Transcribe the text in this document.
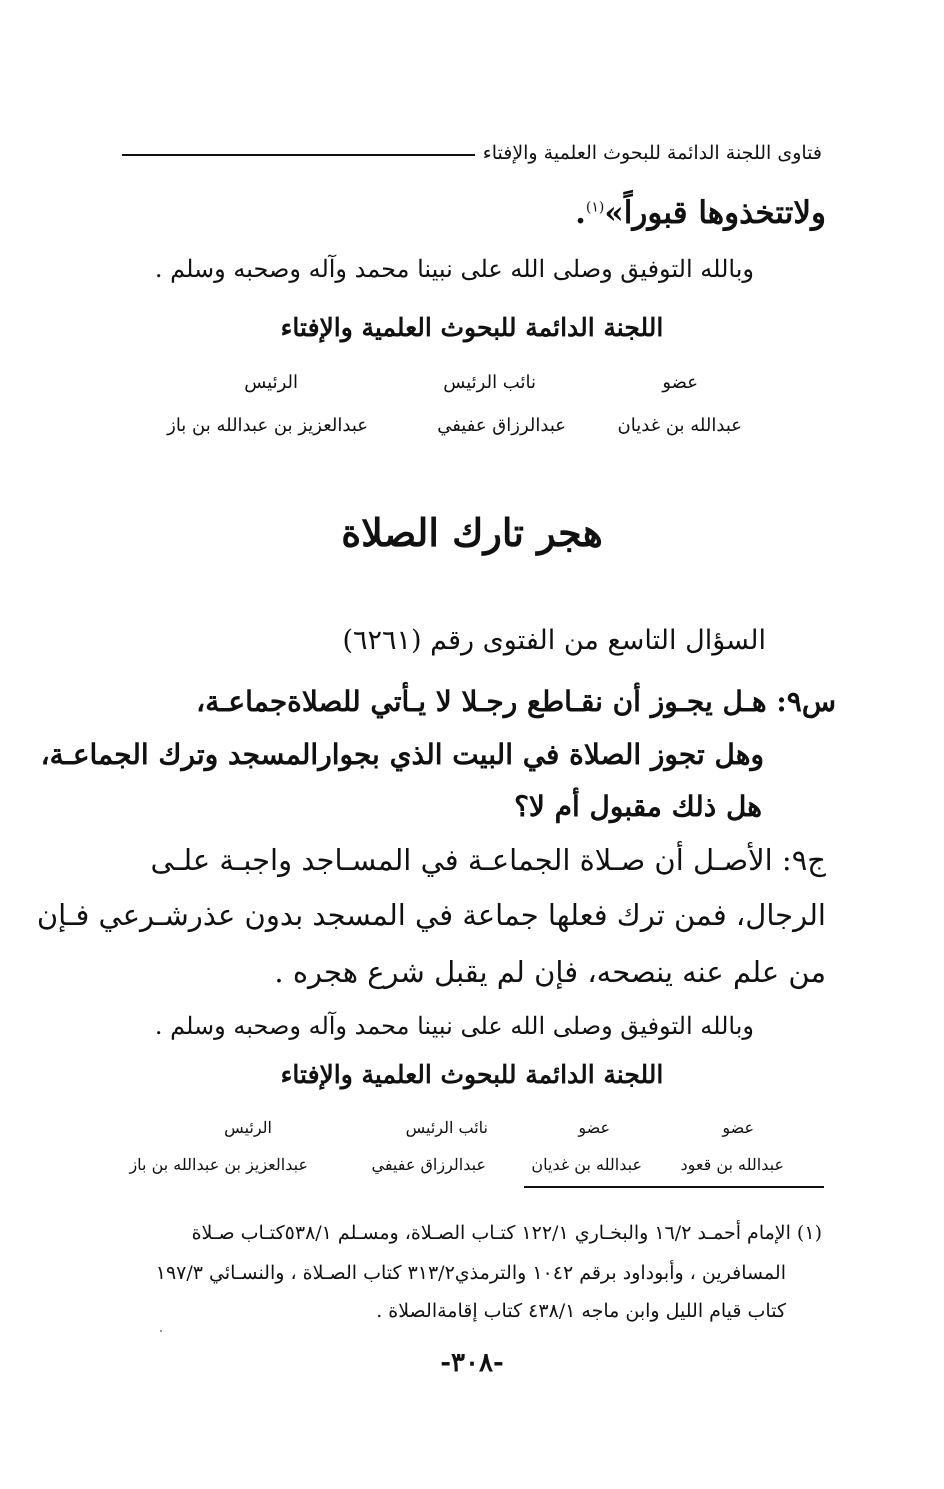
فتاوى اللجنة الدائمة للبحوث العلمية والإفتاء
ولاتتخذوها قبوراً»$^{(١)}$.
وبالله التوفيق وصلى الله على نبينا محمد وآله وصحبه وسلم .
اللجنة الدائمة للبحوث العلمية والإفتاء
عضو
نائب الرئيس
الرئيس
عبدالله بن غديان
عبدالرزاق عفيفي
عبدالعزيز بن عبدالله بن باز
هجر تارك الصلاة
السؤال التاسع من الفتوى رقم (٦٢٦١)
س٩: هـل يجـوز أن نقـاطع رجـلا لا يـأتي للصلاةجماعـة،
وهل تجوز الصلاة في البيت الذي بجوارالمسجد وترك الجماعـة،
هل ذلك مقبول أم لا؟
ج٩: الأصـل أن صـلاة الجماعـة في المسـاجد واجبـة علـى
الرجال، فمن ترك فعلها جماعة في المسجد بدون عذرشـرعي فـإن
من علم عنه ينصحه، فإن لم يقبل شرع هجره .
وبالله التوفيق وصلى الله على نبينا محمد وآله وصحبه وسلم .
اللجنة الدائمة للبحوث العلمية والإفتاء
عضو
عضو
نائب الرئيس
الرئيس
عبدالله بن قعود
عبدالله بن غديان
عبدالرزاق عفيفي
عبدالعزيز بن عبدالله بن باز
(١) الإمام أحمـد ١٦/٢ والبخـاري ١٢٢/١ كتـاب الصـلاة، ومسـلم ٥٣٨/١كتـاب صـلاة
المسافرين ، وأبوداود برقم ١٠٤٢ والترمذي٣١٣/٢ كتاب الصـلاة ، والنسـائي ١٩٧/٣
كتاب قيام الليل وابن ماجه ٤٣٨/١ كتاب إقامةالصلاة .
-٣٠٨-
